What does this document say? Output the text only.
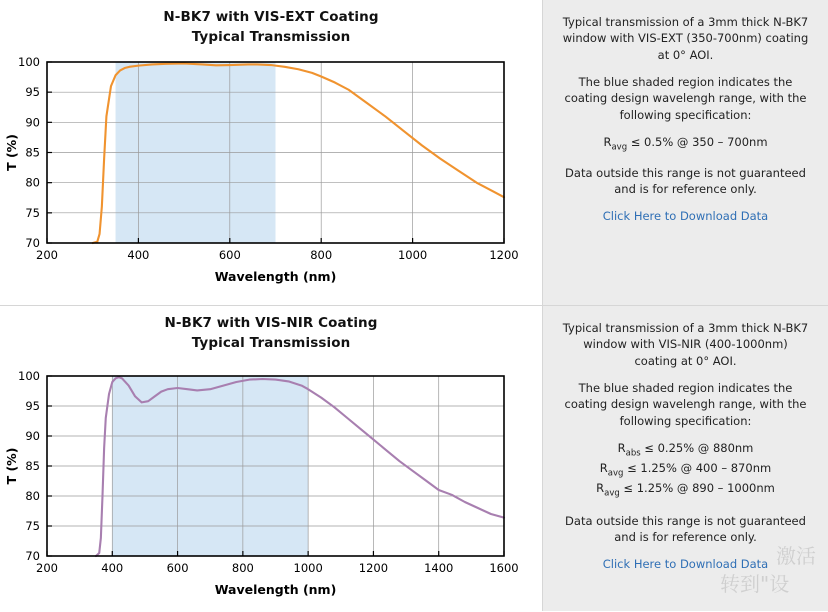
N-BK7 with VIS-EXT Coating
Typical Transmission
70
75
80
85
90
95
100
200	400	600	800	1000	1200
Wavelength (nm)
T (%)

Typical transmission of a 3mm thick N-BK7 window with VIS-EXT (350-700nm) coating at 0° AOI.

The blue shaded region indicates the coating design wavelengh range, with the following specification:

$R_{avg} \le 0.5\%$ @ 350 – 700nm

Data outside this range is not guaranteed and is for reference only.

Click Here to Download Data
N-BK7 with VIS-NIR Coating
Typical Transmission
70
75
80
85
90
95
100
200	400	600	800	1000	1200	1400	1600
Wavelength (nm)
T (%)

Typical transmission of a 3mm thick N-BK7 window with VIS-NIR (400-1000nm) coating at 0° AOI.

The blue shaded region indicates the coating design wavelengh range, with the following specification:

$R_{abs} \le 0.25\%$ @ 880nm
$R_{avg} \le 1.25\%$ @ 400 – 870nm
$R_{avg} \le 1.25\%$ @ 890 – 1000nm

Data outside this range is not guaranteed and is for reference only.

Click Here to Download Data 激活
转到"设
